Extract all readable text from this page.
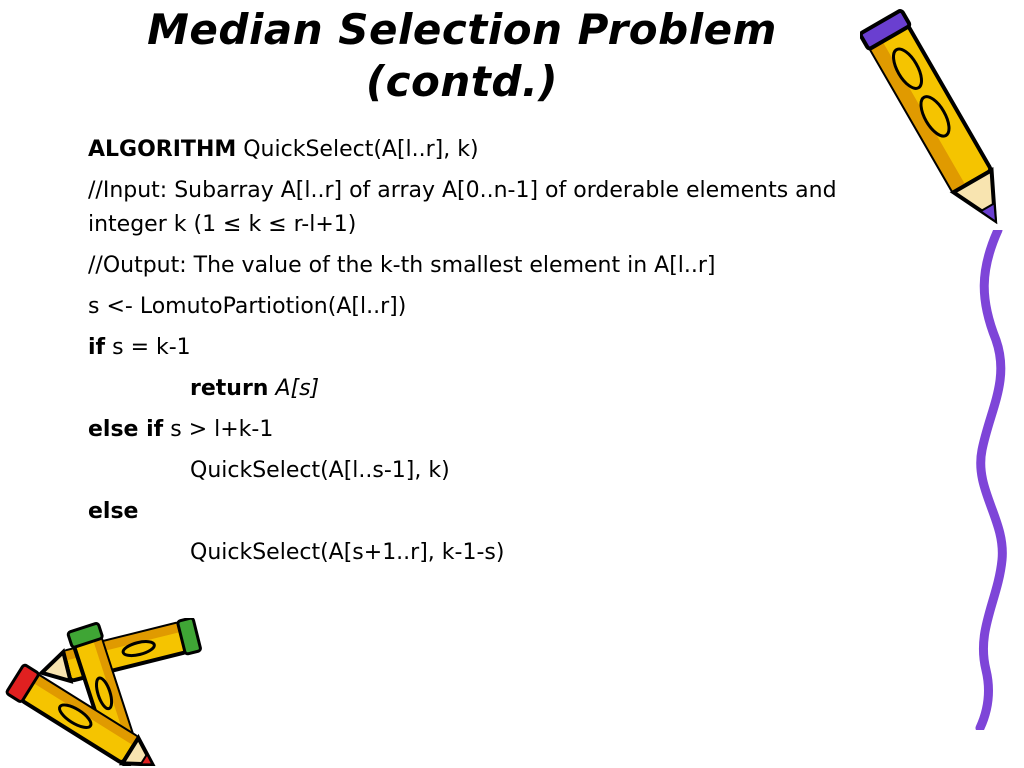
Median Selection Problem
(contd.)
ALGORITHM QuickSelect(A[l..r], k)
//Input: Subarray A[l..r] of array A[0..n-1] of orderable elements and integer k (1 ≤ k ≤ r-l+1)
//Output: The value of the k-th smallest element in A[l..r]
s <- LomutoPartiotion(A[l..r])
if s = k-1
return A[s]
else if s > l+k-1
QuickSelect(A[l..s-1], k)
else
QuickSelect(A[s+1..r], k-1-s)
